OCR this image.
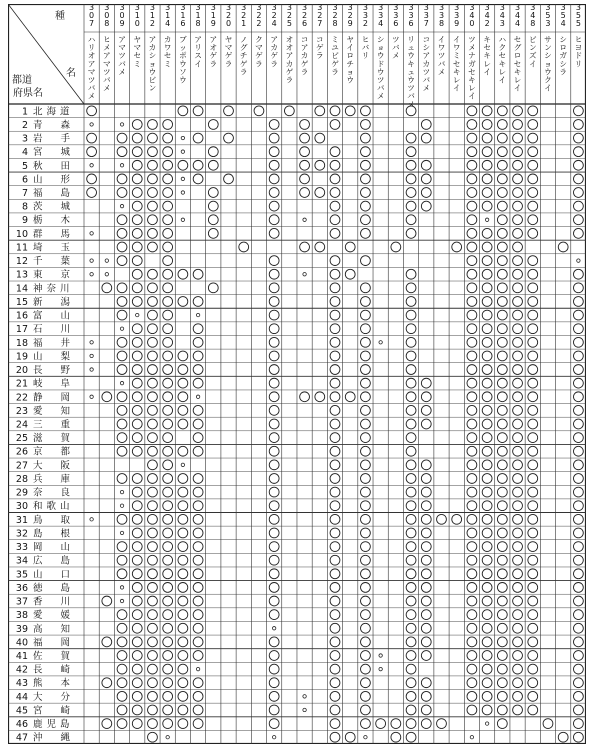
種
名
都道
府県名
3 0 7
ハリオアマツバメ
3 0 8
ヒメアマツバメ
3 0 9
アマツバメ
3 1 0
ヤマセミ
3 1 2
アカショウビン
3 1 4
カワセミ
3 1 6
ブッポウソウ
3 1 8
アリスイ
3 1 9
アオゲラ
3 2 0
ヤマゲラ
3 2 1
ノグチゲラ
3 2 2
クマゲラ
3 2 4
アカゲラ
3 2 5
オオアカゲラ
3 2 6
コアカゲラ
3 2 7
コゲラ
3 2 8
ミユビゲラ
3 2 9
ヤイロチョウ
3 3 2
ヒバリ
3 3 4
ショウドウツバメ
3 3 6
ツバメ
3 3 6
リュウキュウツバメ
3 3 7
コシアカツバメ
3 3 8
イワツバメ
3 3 9
イワミセキレイ
3 4 0
ツメナガセキレイ
3 4 2
キセキレイ
3 4 3
ハクセキレイ
3 4 4
セグロセキレイ
3 4 8
ビンズイ
3 5 3
サンショウクイ
3 5 4
シロガシラ
3 5 5
ヒヨドリ
1 北海道
2 青森
3 岩手
4 宮城
5 秋田
6 山形
7 福島
8 茨城
9 栃木
10 群馬
11 埼玉
12 千葉
13 東京
14 神奈川
15 新潟
16 富山
17 石川
18 福井
19 山梨
20 長野
21 岐阜
22 静岡
23 愛知
24 三重
25 滋賀
26 京都
27 大阪
28 兵庫
29 奈良
30 和歌山
31 鳥取
32 島根
33 岡山
34 広島
35 山口
36 徳島
37 香川
38 愛媛
39 高知
40 福岡
41 佐賀
42 長崎
43 熊本
44 大分
45 宮崎
46 鹿児島
47 沖縄
